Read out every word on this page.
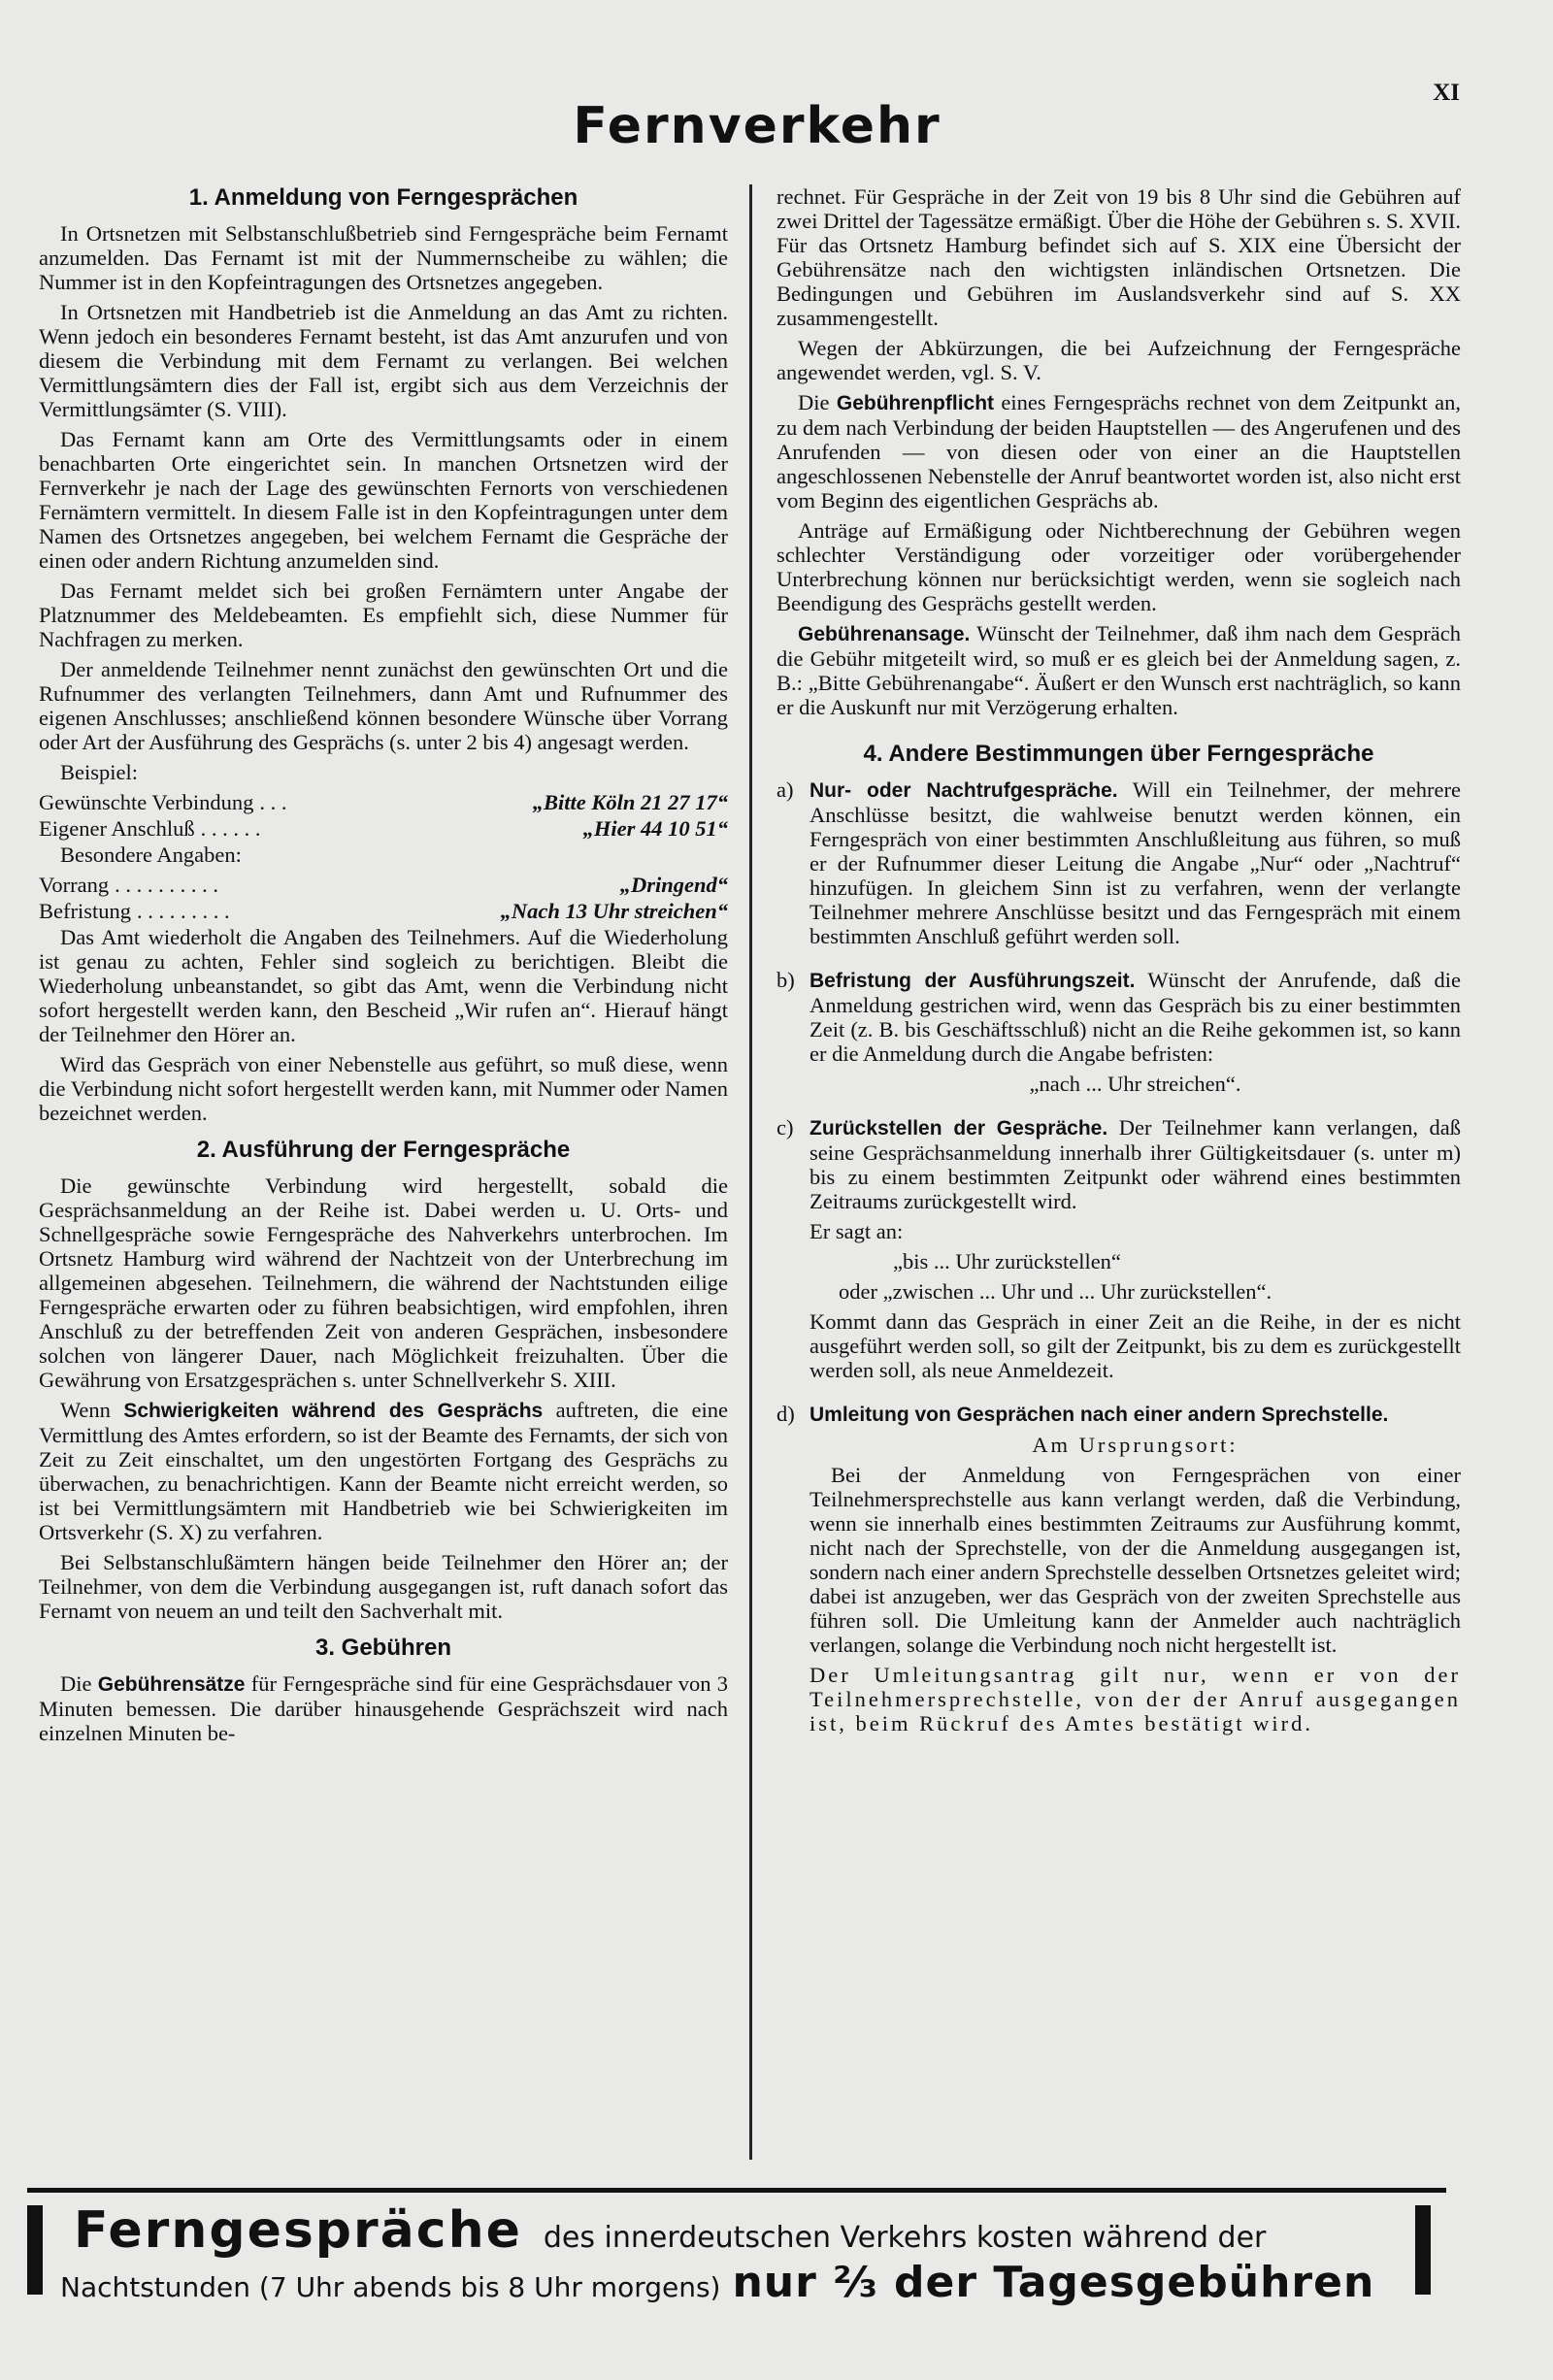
XI
Fernverkehr
1. Anmeldung von Ferngesprächen

In Ortsnetzen mit Selbstanschlußbetrieb sind Ferngespräche beim Fernamt anzumelden. Das Fernamt ist mit der Nummernscheibe zu wählen; die Nummer ist in den Kopfeintragungen des Ortsnetzes angegeben.

In Ortsnetzen mit Handbetrieb ist die Anmeldung an das Amt zu richten. Wenn jedoch ein besonderes Fernamt besteht, ist das Amt anzurufen und von diesem die Verbindung mit dem Fernamt zu verlangen. Bei welchen Vermittlungsämtern dies der Fall ist, ergibt sich aus dem Verzeichnis der Vermittlungsämter (S. VIII).

Das Fernamt kann am Orte des Vermittlungsamts oder in einem benachbarten Orte eingerichtet sein. In manchen Ortsnetzen wird der Fernverkehr je nach der Lage des gewünschten Fernorts von verschiedenen Fernämtern vermittelt. In diesem Falle ist in den Kopfeintragungen unter dem Namen des Ortsnetzes angegeben, bei welchem Fernamt die Gespräche der einen oder andern Richtung anzumelden sind.

Das Fernamt meldet sich bei großen Fernämtern unter Angabe der Platznummer des Meldebeamten. Es empfiehlt sich, diese Nummer für Nachfragen zu merken.

Der anmeldende Teilnehmer nennt zunächst den gewünschten Ort und die Rufnummer des verlangten Teilnehmers, dann Amt und Rufnummer des eigenen Anschlusses; anschließend können besondere Wünsche über Vorrang oder Art der Ausführung des Gesprächs (s. unter 2 bis 4) angesagt werden.

Beispiel:

Gewünschte Verbindung . . .	„Bitte Köln 21 27 17“
Eigener Anschluß . . . . . .	„Hier 44 10 51“

Besondere Angaben:

Vorrang . . . . . . . . . .	„Dringend“
Befristung . . . . . . . . .	„Nach 13 Uhr streichen“

Das Amt wiederholt die Angaben des Teilnehmers. Auf die Wiederholung ist genau zu achten, Fehler sind sogleich zu berichtigen. Bleibt die Wiederholung unbeanstandet, so gibt das Amt, wenn die Verbindung nicht sofort hergestellt werden kann, den Bescheid „Wir rufen an“. Hierauf hängt der Teilnehmer den Hörer an.

Wird das Gespräch von einer Nebenstelle aus geführt, so muß diese, wenn die Verbindung nicht sofort hergestellt werden kann, mit Nummer oder Namen bezeichnet werden.

2. Ausführung der Ferngespräche

Die gewünschte Verbindung wird hergestellt, sobald die Gesprächsanmeldung an der Reihe ist. Dabei werden u. U. Orts- und Schnellgespräche sowie Ferngespräche des Nahverkehrs unterbrochen. Im Ortsnetz Hamburg wird während der Nachtzeit von der Unterbrechung im allgemeinen abgesehen. Teilnehmern, die während der Nachtstunden eilige Ferngespräche erwarten oder zu führen beabsichtigen, wird empfohlen, ihren Anschluß zu der betreffenden Zeit von anderen Gesprächen, insbesondere solchen von längerer Dauer, nach Möglichkeit freizuhalten. Über die Gewährung von Ersatzgesprächen s. unter Schnellverkehr S. XIII.

Wenn Schwierigkeiten während des Gesprächs auftreten, die eine Vermittlung des Amtes erfordern, so ist der Beamte des Fernamts, der sich von Zeit zu Zeit einschaltet, um den ungestörten Fortgang des Gesprächs zu überwachen, zu benachrichtigen. Kann der Beamte nicht erreicht werden, so ist bei Vermittlungsämtern mit Handbetrieb wie bei Schwierigkeiten im Ortsverkehr (S. X) zu verfahren.

Bei Selbstanschlußämtern hängen beide Teilnehmer den Hörer an; der Teilnehmer, von dem die Verbindung ausgegangen ist, ruft danach sofort das Fernamt von neuem an und teilt den Sachverhalt mit.

3. Gebühren

Die Gebührensätze für Ferngespräche sind für eine Gesprächsdauer von 3 Minuten bemessen. Die darüber hinausgehende Gesprächszeit wird nach einzelnen Minuten be-

rechnet. Für Gespräche in der Zeit von 19 bis 8 Uhr sind die Gebühren auf zwei Drittel der Tagessätze ermäßigt. Über die Höhe der Gebühren s. S. XVII. Für das Ortsnetz Hamburg befindet sich auf S. XIX eine Übersicht der Gebührensätze nach den wichtigsten inländischen Ortsnetzen. Die Bedingungen und Gebühren im Auslandsverkehr sind auf S. XX zusammengestellt.

Wegen der Abkürzungen, die bei Aufzeichnung der Ferngespräche angewendet werden, vgl. S. V.

Die Gebührenpflicht eines Ferngesprächs rechnet von dem Zeitpunkt an, zu dem nach Verbindung der beiden Hauptstellen — des Angerufenen und des Anrufenden — von diesen oder von einer an die Hauptstellen angeschlossenen Nebenstelle der Anruf beantwortet worden ist, also nicht erst vom Beginn des eigentlichen Gesprächs ab.

Anträge auf Ermäßigung oder Nichtberechnung der Gebühren wegen schlechter Verständigung oder vorzeitiger oder vorübergehender Unterbrechung können nur berücksichtigt werden, wenn sie sogleich nach Beendigung des Gesprächs gestellt werden.

Gebührenansage. Wünscht der Teilnehmer, daß ihm nach dem Gespräch die Gebühr mitgeteilt wird, so muß er es gleich bei der Anmeldung sagen, z. B.: „Bitte Gebührenangabe“. Äußert er den Wunsch erst nachträglich, so kann er die Auskunft nur mit Verzögerung erhalten.

4. Andere Bestimmungen über Ferngespräche
a) Nur- oder Nachtrufgespräche. Will ein Teilnehmer, der mehrere Anschlüsse besitzt, die wahlweise benutzt werden können, ein Ferngespräch von einer bestimmten Anschlußleitung aus führen, so muß er der Rufnummer dieser Leitung die Angabe „Nur“ oder „Nachtruf“ hinzufügen. In gleichem Sinn ist zu verfahren, wenn der verlangte Teilnehmer mehrere Anschlüsse besitzt und das Ferngespräch mit einem bestimmten Anschluß geführt werden soll.

b) Befristung der Ausführungszeit. Wünscht der Anrufende, daß die Anmeldung gestrichen wird, wenn das Gespräch bis zu einer bestimmten Zeit (z. B. bis Geschäftsschluß) nicht an die Reihe gekommen ist, so kann er die Anmeldung durch die Angabe befristen:

„nach ... Uhr streichen“.

c) Zurückstellen der Gespräche. Der Teilnehmer kann verlangen, daß seine Gesprächsanmeldung innerhalb ihrer Gültigkeitsdauer (s. unter m) bis zu einem bestimmten Zeitpunkt oder während eines bestimmten Zeitraums zurückgestellt wird.

Er sagt an:

„bis ... Uhr zurückstellen“

oder „zwischen ... Uhr und ... Uhr zurückstellen“.

Kommt dann das Gespräch in einer Zeit an die Reihe, in der es nicht ausgeführt werden soll, so gilt der Zeitpunkt, bis zu dem es zurückgestellt werden soll, als neue Anmeldezeit.

d) Umleitung von Gesprächen nach einer andern Sprechstelle.

Am Ursprungsort:

Bei der Anmeldung von Ferngesprächen von einer Teilnehmersprechstelle aus kann verlangt werden, daß die Verbindung, wenn sie innerhalb eines bestimmten Zeitraums zur Ausführung kommt, nicht nach der Sprechstelle, von der die Anmeldung ausgegangen ist, sondern nach einer andern Sprechstelle desselben Ortsnetzes geleitet wird; dabei ist anzugeben, wer das Gespräch von der zweiten Sprechstelle aus führen soll. Die Umleitung kann der Anmelder auch nachträglich verlangen, solange die Verbindung noch nicht hergestellt ist.

Der Umleitungsantrag gilt nur, wenn er von der Teilnehmersprechstelle, von der der Anruf ausgegangen ist, beim Rückruf des Amtes bestätigt wird.

Ferngespräche des innerdeutschen Verkehrs kosten während der
Nachtstunden (7 Uhr abends bis 8 Uhr morgens) nur ⅔ der Tagesgebühren
